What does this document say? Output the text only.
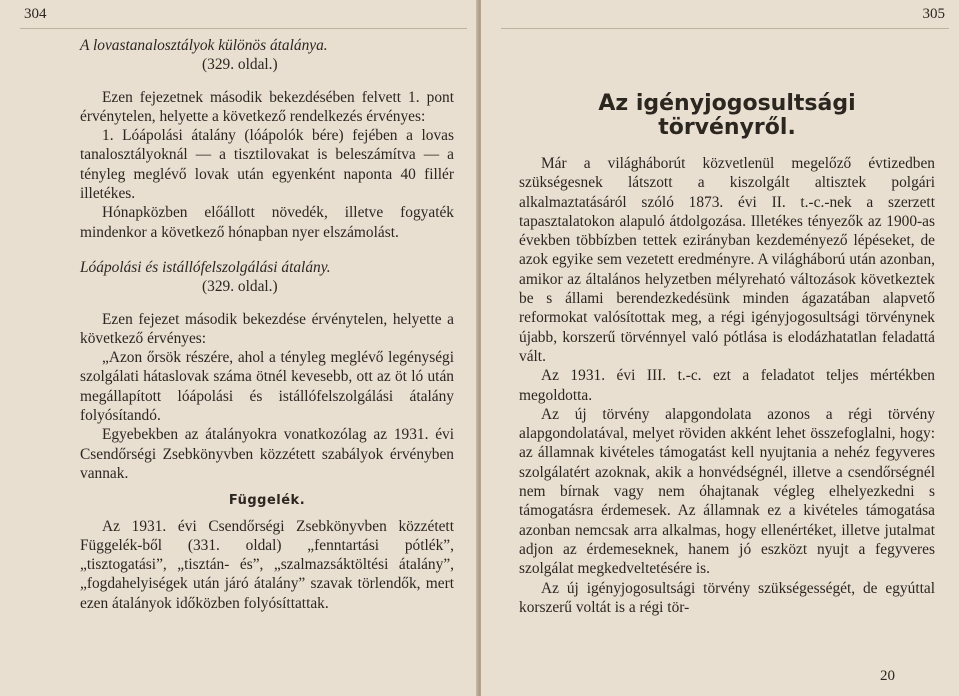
304

A lovastanalosztályok különös átalánya.

(329. oldal.)

Ezen fejezetnek második bekezdésében felvett 1. pont érvénytelen, helyette a következő rendelkezés érvényes:

1. Lóápolási átalány (lóápolók bére) fejében a lovas tanalosztályoknál — a tisztilovakat is beleszámítva — a tényleg meglévő lovak után egyenként naponta 40 fillér illetékes.

Hónapközben előállott növedék, illetve fogyaték mindenkor a következő hónapban nyer elszámolást.

Lóápolási és istállófelszolgálási átalány.

(329. oldal.)

Ezen fejezet második bekezdése érvénytelen, helyette a következő érvényes:

„Azon őrsök részére, ahol a tényleg meglévő legénységi szolgálati hátaslovak száma ötnél kevesebb, ott az öt ló után megállapított lóápolási és istállófelszolgálási átalány folyósítandó.

Egyebekben az átalányokra vonatkozólag az 1931. évi Csendőrségi Zsebkönyvben közzétett szabályok érvényben vannak.

Függelék.

Az 1931. évi Csendőrségi Zsebkönyvben közzétett Függelék-ből (331. oldal) „fenntartási pótlék”, „tisztogatási”, „tisztán- és”, „szalmazsáktöltési átalány”, „fogdahelyiségek után járó átalány” szavak törlendők, mert ezen átalányok időközben folyósíttattak.

305
Az igényjogosultsági
törvényről.

Már a világháborút közvetlenül megelőző évtizedben szükségesnek látszott a kiszolgált altisztek polgári alkalmaztatásáról szóló 1873. évi II. t.-c.-nek a szerzett tapasztalatokon alapuló átdolgozása. Illetékes tényezők az 1900-as években többízben tettek ezirányban kezdeményező lépéseket, de azok egyike sem vezetett eredményre. A világháború után azonban, amikor az általános helyzetben mélyreható változások következtek be s állami berendezkedésünk minden ágazatában alapvető reformokat valósítottak meg, a régi igényjogosultsági törvénynek újabb, korszerű törvénnyel való pótlása is elodázhatatlan feladattá vált.

Az 1931. évi III. t.-c. ezt a feladatot teljes mértékben megoldotta.

Az új törvény alapgondolata azonos a régi törvény alapgondolatával, melyet röviden akként lehet összefoglalni, hogy: az államnak kivételes támogatást kell nyujtania a nehéz fegyveres szolgálatért azoknak, akik a honvédségnél, illetve a csendőrségnél nem bírnak vagy nem óhajtanak végleg elhelyezkedni s támogatásra érdemesek. Az államnak ez a kivételes támogatása azonban nemcsak arra alkalmas, hogy ellenértéket, illetve jutalmat adjon az érdemeseknek, hanem jó eszközt nyujt a fegyveres szolgálat megkedveltetésére is.

Az új igényjogosultsági törvény szükségességét, de egyúttal korszerű voltát is a régi tör-

20
